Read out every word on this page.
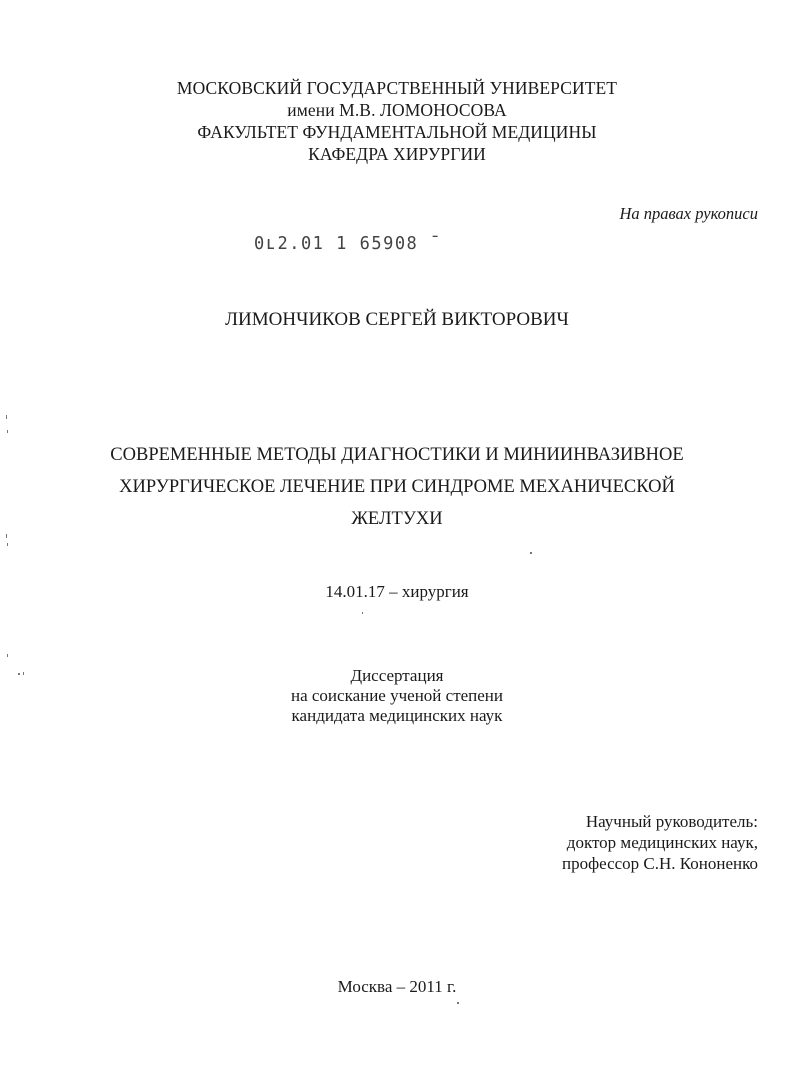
МОСКОВСКИЙ ГОСУДАРСТВЕННЫЙ УНИВЕРСИТЕТ
имени М.В. ЛОМОНОСОВА
ФАКУЛЬТЕТ ФУНДАМЕНТАЛЬНОЙ МЕДИЦИНЫ
КАФЕДРА ХИРУРГИИ
На правах рукописи
0ʟ2.01 1 65908 ˉ
ЛИМОНЧИКОВ СЕРГЕЙ ВИКТОРОВИЧ
СОВРЕМЕННЫЕ МЕТОДЫ ДИАГНОСТИКИ И МИНИИНВАЗИВНОЕ
ХИРУРГИЧЕСКОЕ ЛЕЧЕНИЕ ПРИ СИНДРОМЕ МЕХАНИЧЕСКОЙ
ЖЕЛТУХИ
14.01.17 – хирургия
Диссертация
на соискание ученой степени
кандидата медицинских наук
Научный руководитель:
доктор медицинских наук,
профессор С.Н. Кононенко
Москва – 2011 г.
